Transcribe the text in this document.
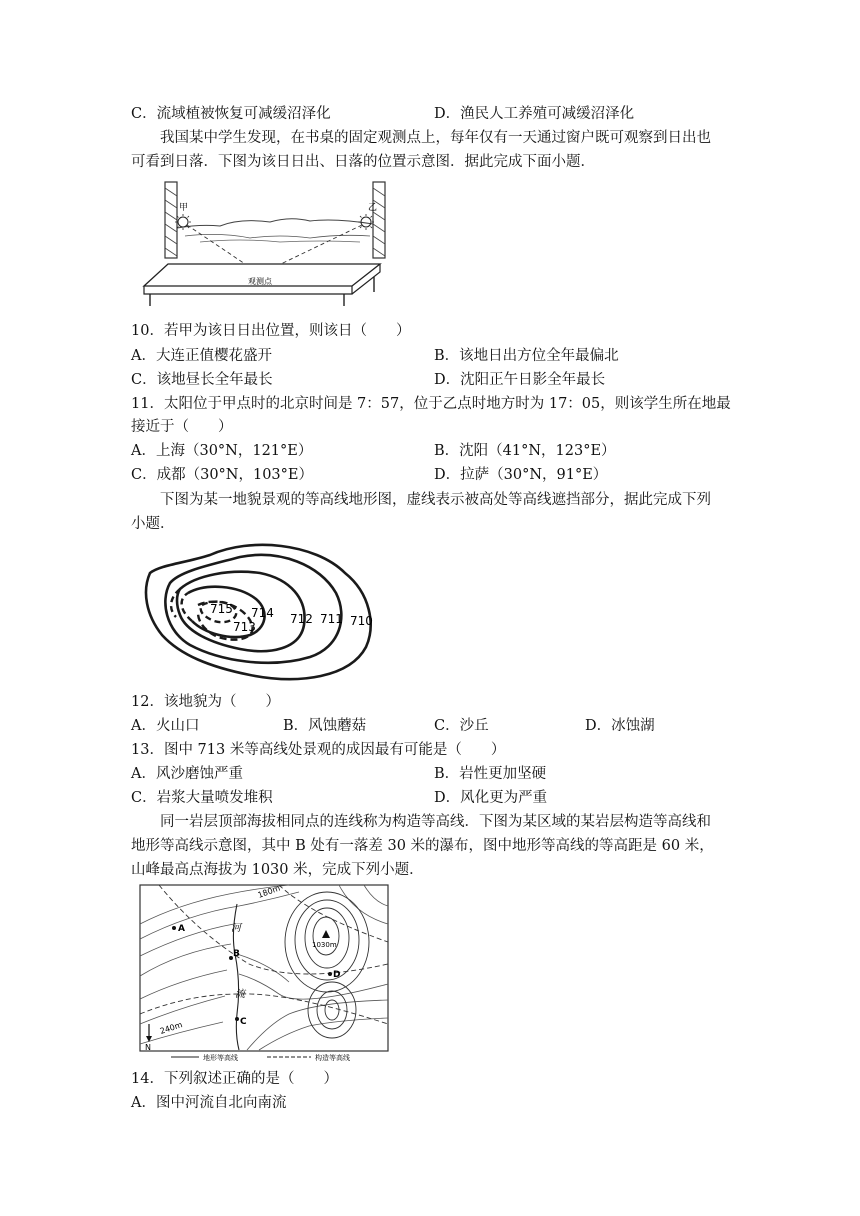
C．流域植被恢复可减缓沼泽化	D．渔民人工养殖可减缓沼泽化
我国某中学生发现，在书桌的固定观测点上，每年仅有一天通过窗户既可观察到日出也
可看到日落．下图为该日日出、日落的位置示意图．据此完成下面小题．
甲	乙
观测点
10．若甲为该日日出位置，则该日（　　）
A．大连正值樱花盛开	B．该地日出方位全年最偏北
C．该地昼长全年最长	D．沈阳正午日影全年最长
11．太阳位于甲点时的北京时间是 7：57，位于乙点时地方时为 17：05，则该学生所在地最
接近于（　　）
A．上海（30°N，121°E）	B．沈阳（41°N，123°E）
C．成都（30°N，103°E）	D．拉萨（30°N，91°E）
下图为某一地貌景观的等高线地形图，虚线表示被高处等高线遮挡部分，据此完成下列
小题．
715 714
713
712 711 710
12．该地貌为（　　）
A．火山口	B．风蚀蘑菇	C．沙丘	D．冰蚀湖
13．图中 713 米等高线处景观的成因最有可能是（　　）
A．风沙磨蚀严重	B．岩性更加坚硬
C．岩浆大量喷发堆积	D．风化更为严重
同一岩层顶部海拔相同点的连线称为构造等高线．下图为某区域的某岩层构造等高线和
地形等高线示意图，其中 B 处有一落差 30 米的瀑布，图中地形等高线的等高距是 60 米，
山峰最高点海拔为 1030 米，完成下列小题．
1030m
A
B
C
D
河
流
180m
240m
N
地形等高线	构造等高线
14．下列叙述正确的是（　　）
A．图中河流自北向南流
